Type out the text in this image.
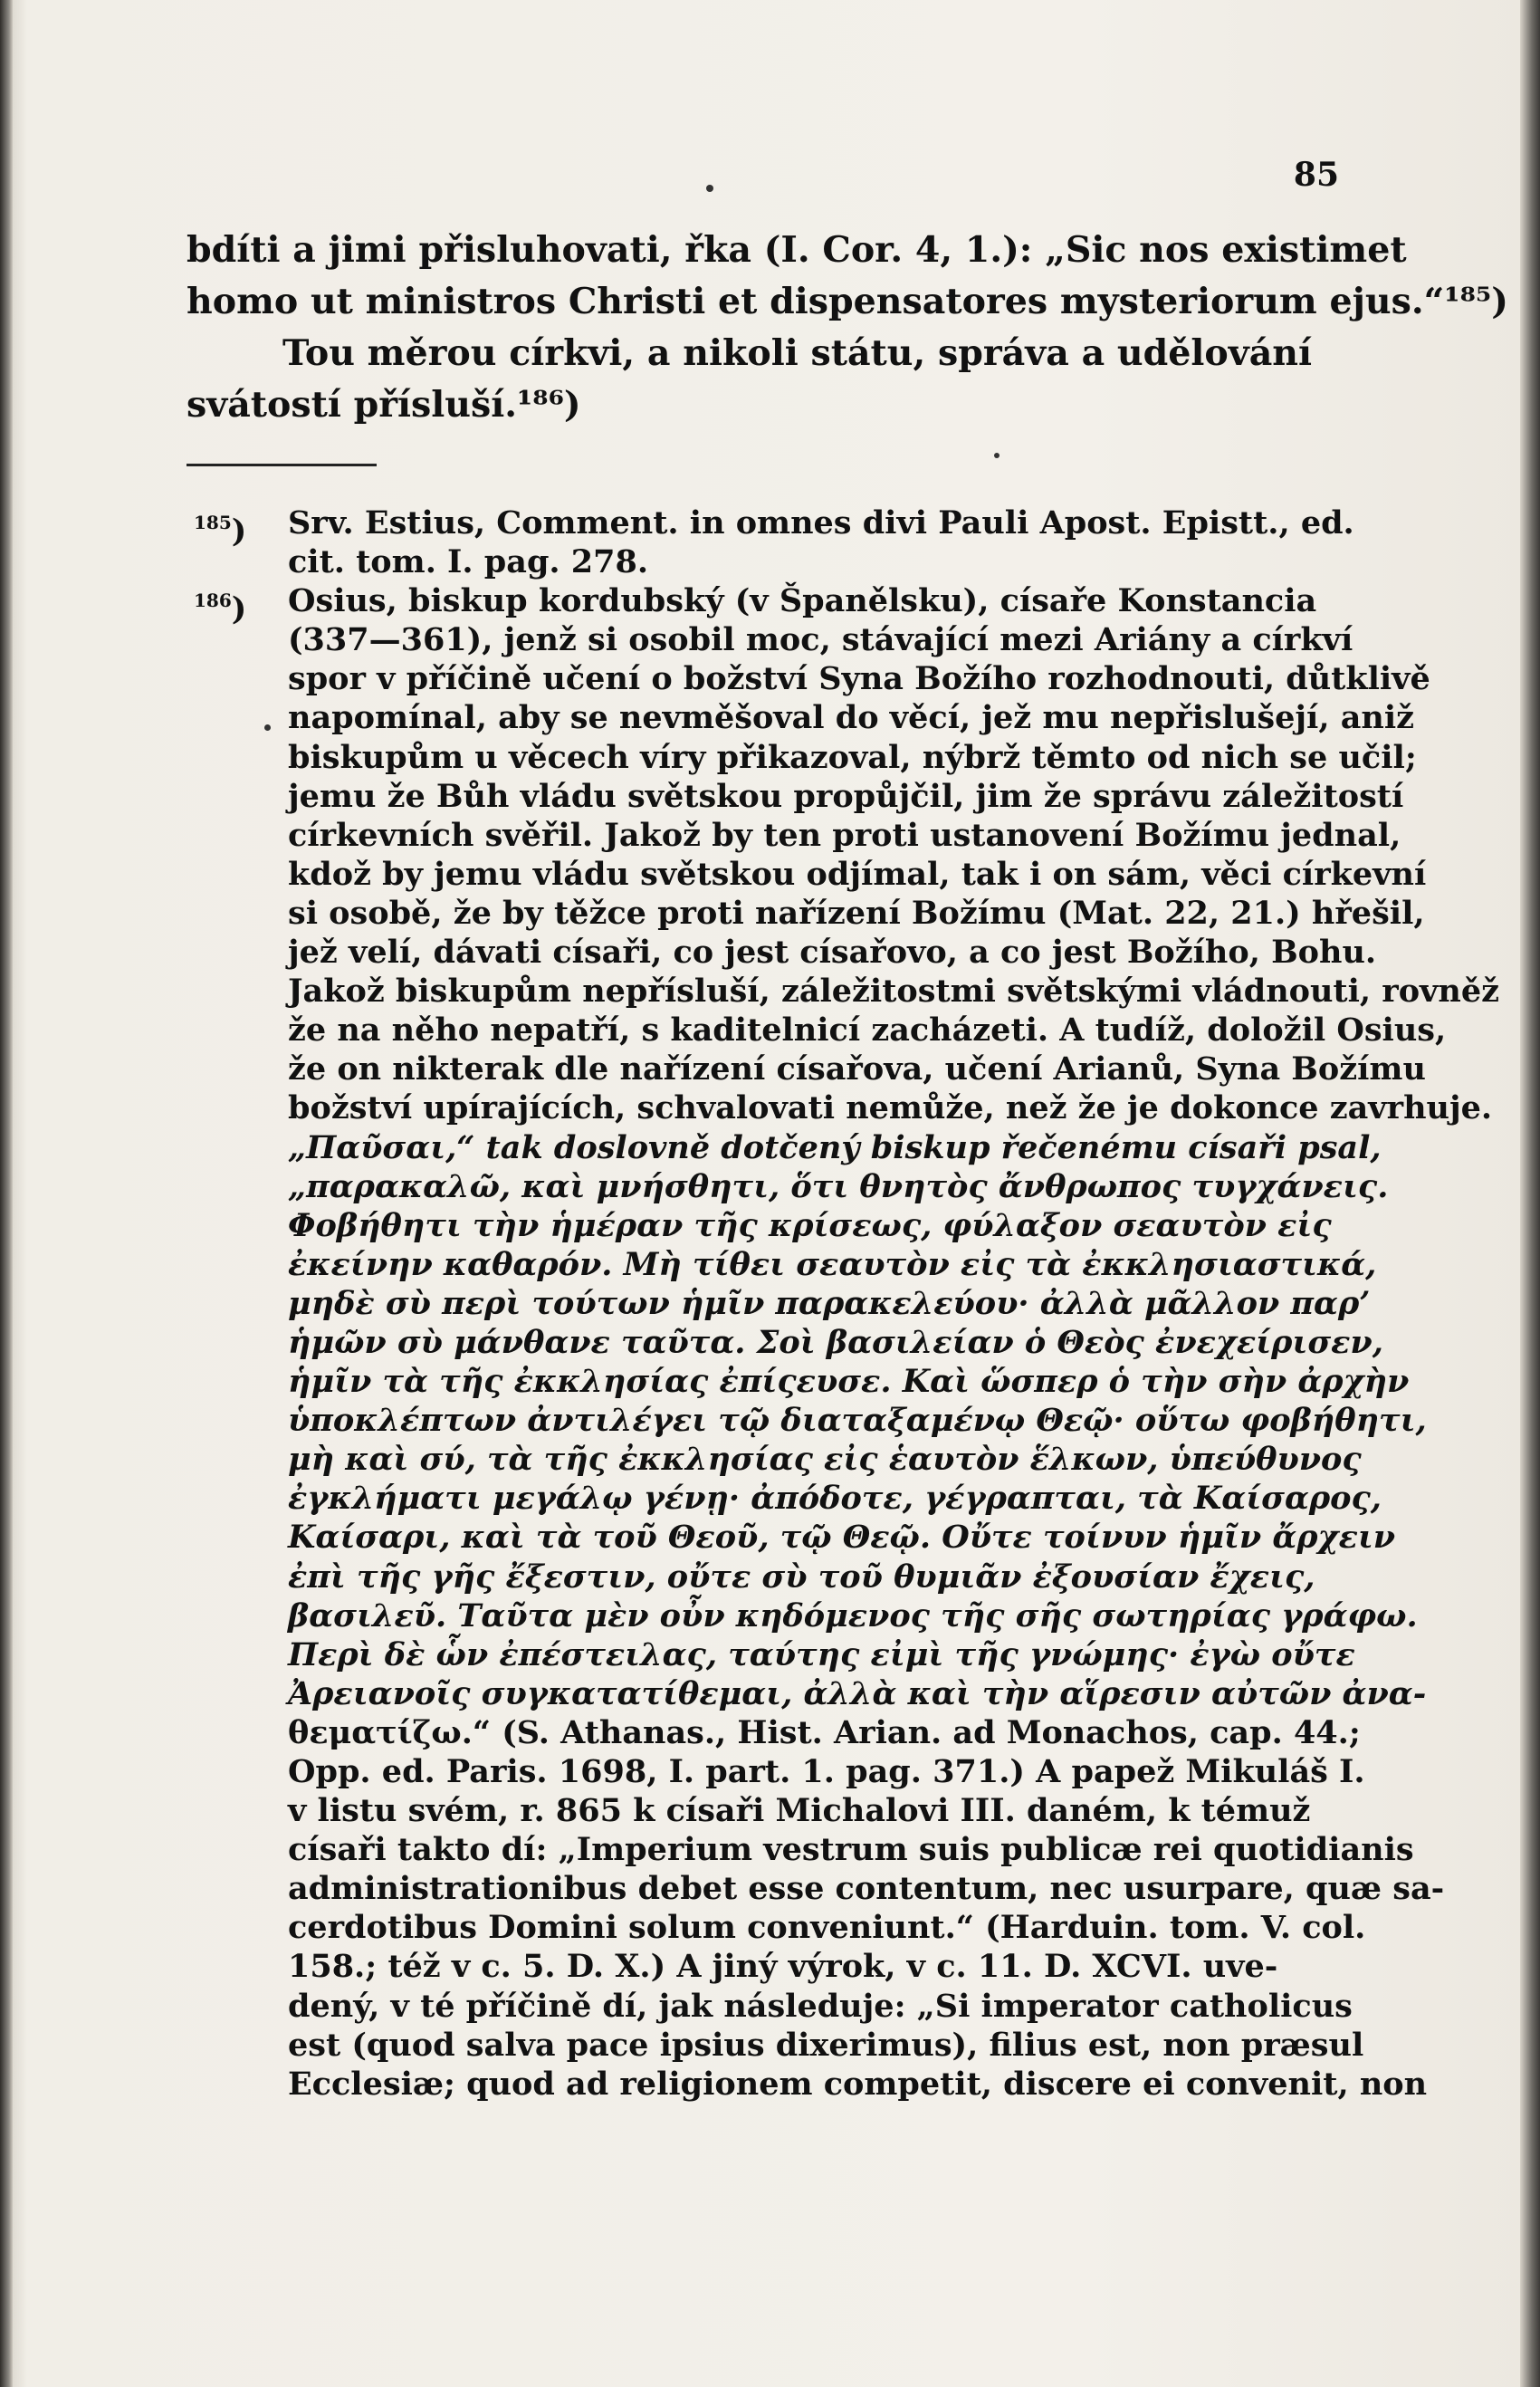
85
bdíti a jimi přisluhovati, řka (I. Cor. 4, 1.): „Sic nos existimet
homo ut ministros Christi et dispensatores mysteriorum ejus.“¹⁸⁵)
Tou měrou církvi, a nikoli státu, správa a udělování
svátostí přísluší.¹⁸⁶)
$^{185}$)	Srv. Estius, Comment. in omnes divi Pauli Apost. Epistt., ed.
cit. tom. I. pag. 278.
$^{186}$)	Osius, biskup kordubský (v Španělsku), císaře Konstancia
(337—361), jenž si osobil moc, stávající mezi Ariány a církví
spor v příčině učení o božství Syna Božího rozhodnouti, důtklivě
napomínal, aby se nevměšoval do věcí, jež mu nepřislušejí, aniž
biskupům u věcech víry přikazoval, nýbrž těmto od nich se učil;
jemu že Bůh vládu světskou propůjčil, jim že správu záležitostí
církevních svěřil. Jakož by ten proti ustanovení Božímu jednal,
kdož by jemu vládu světskou odjímal, tak i on sám, věci církevní
si osobě, že by těžce proti nařízení Božímu (Mat. 22, 21.) hřešil,
jež velí, dávati císaři, co jest císařovo, a co jest Božího, Bohu.
Jakož biskupům nepřísluší, záležitostmi světskými vládnouti, rovněž
že na něho nepatří, s kaditelnicí zacházeti. A tudíž, doložil Osius,
že on nikterak dle nařízení císařova, učení Arianů, Syna Božímu
božství upírajících, schvalovati nemůže, než že je dokonce zavrhuje.
„Παῦσαι,“ tak doslovně dotčený biskup řečenému císaři psal,
„παρακαλῶ, καὶ μνήσθητι, ὅτι θνητὸς ἄνθρωπος τυγχάνεις.
Φοβήθητι τὴν ἡμέραν τῆς κρίσεως, φύλαξον σεαυτὸν εἰς
ἐκείνην καθαρόν. Μὴ τίθει σεαυτὸν εἰς τὰ ἐκκλησιαστικά,
μηδὲ σὺ περὶ τούτων ἡμῖν παρακελεύου· ἀλλὰ μᾶλλον παρ’
ἡμῶν σὺ μάνθανε ταῦτα. Σοὶ βασιλείαν ὁ Θεὸς ἐνεχείρισεν,
ἡμῖν τὰ τῆς ἐκκλησίας ἐπίςευσε. Καὶ ὥσπερ ὁ τὴν σὴν ἀρχὴν
ὑποκλέπτων ἀντιλέγει τῷ διαταξαμένῳ Θεῷ· οὕτω φοβήθητι,
μὴ καὶ σύ, τὰ τῆς ἐκκλησίας εἰς ἑαυτὸν ἕλκων, ὑπεύθυνος
ἐγκλήματι μεγάλῳ γένῃ· ἀπόδοτε, γέγραπται, τὰ Καίσαρος,
Καίσαρι, καὶ τὰ τοῦ Θεοῦ, τῷ Θεῷ. Οὔτε τοίνυν ἡμῖν ἄρχειν
ἐπὶ τῆς γῆς ἔξεστιν, οὔτε σὺ τοῦ θυμιᾶν ἐξουσίαν ἔχεις,
βασιλεῦ. Ταῦτα μὲν οὖν κηδόμενος τῆς σῆς σωτηρίας γράφω.
Περὶ δὲ ὧν ἐπέστειλας, ταύτης εἰμὶ τῆς γνώμης· ἐγὼ οὔτε
Ἀρειανοῖς συγκατατίθεμαι, ἀλλὰ καὶ τὴν αἵρεσιν αὐτῶν ἀνα-
θεματίζω.“ (S. Athanas., Hist. Arian. ad Monachos, cap. 44.;
Opp. ed. Paris. 1698, I. part. 1. pag. 371.) A papež Mikuláš I.
v listu svém, r. 865 k císaři Michalovi III. daném, k témuž
císaři takto dí: „Imperium vestrum suis publicæ rei quotidianis
administrationibus debet esse contentum, nec usurpare, quæ sa-
cerdotibus Domini solum conveniunt.“ (Harduin. tom. V. col.
158.; též v c. 5. D. X.) A jiný výrok, v c. 11. D. XCVI. uve-
dený, v té příčině dí, jak následuje: „Si imperator catholicus
est (quod salva pace ipsius dixerimus), filius est, non præsul
Ecclesiæ; quod ad religionem competit, discere ei convenit, non
